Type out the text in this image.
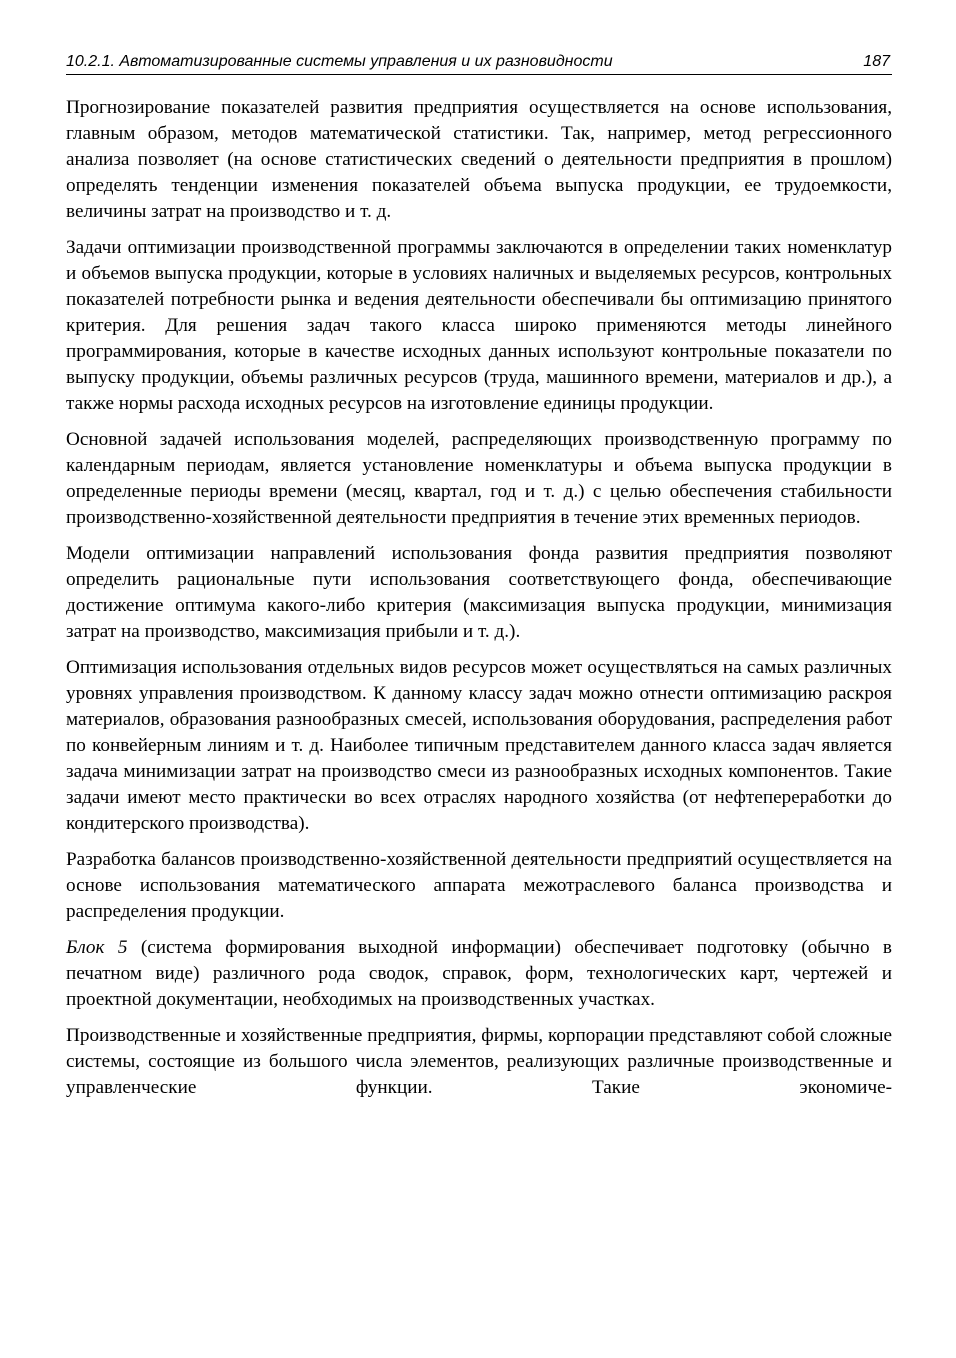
10.2.1. Автоматизированные системы управления и их разновидности	187

Прогнозирование показателей развития предприятия осуществляется на основе использования, главным образом, методов математической статистики. Так, например, метод регрессионного анализа позволяет (на основе статистических сведений о деятельности предприятия в прошлом) определять тенденции изменения показателей объема выпуска продукции, ее трудоемкости, величины затрат на производство и т. д.

Задачи оптимизации производственной программы заключаются в определении таких номенклатур и объемов выпуска продукции, которые в условиях наличных и выделяемых ресурсов, контрольных показателей потребности рынка и ведения деятельности обеспечивали бы оптимизацию принятого критерия. Для решения задач такого класса широко применяются методы линейного программирования, которые в качестве исходных данных используют контрольные показатели по выпуску продукции, объемы различных ресурсов (труда, машинного времени, материалов и др.), а также нормы расхода исходных ресурсов на изготовление единицы продукции.

Основной задачей использования моделей, распределяющих производственную программу по календарным периодам, является установление номенклатуры и объема выпуска продукции в определенные периоды времени (месяц, квартал, год и т. д.) с целью обеспечения стабильности производственно-хозяйственной деятельности предприятия в течение этих временных периодов.

Модели оптимизации направлений использования фонда развития предприятия позволяют определить рациональные пути использования соответствующего фонда, обеспечивающие достижение оптимума какого-либо критерия (максимизация выпуска продукции, минимизация затрат на производство, максимизация прибыли и т. д.).

Оптимизация использования отдельных видов ресурсов может осуществляться на самых различных уровнях управления производством. К данному классу задач можно отнести оптимизацию раскроя материалов, образования разнообразных смесей, использования оборудования, распределения работ по конвейерным линиям и т. д. Наиболее типичным представителем данного класса задач является задача минимизации затрат на производство смеси из разнообразных исходных компонентов. Такие задачи имеют место практически во всех отраслях народного хозяйства (от нефтепереработки до кондитерского производства).

Разработка балансов производственно-хозяйственной деятельности предприятий осуществляется на основе использования математического аппарата межотраслевого баланса производства и распределения продукции.

Блок 5 (система формирования выходной информации) обеспечивает подготовку (обычно в печатном виде) различного рода сводок, справок, форм, технологических карт, чертежей и проектной документации, необходимых на производственных участках.

Производственные и хозяйственные предприятия, фирмы, корпорации представляют собой сложные системы, состоящие из большого числа элементов, реализующих различные производственные и управленческие функции. Такие экономиче-
